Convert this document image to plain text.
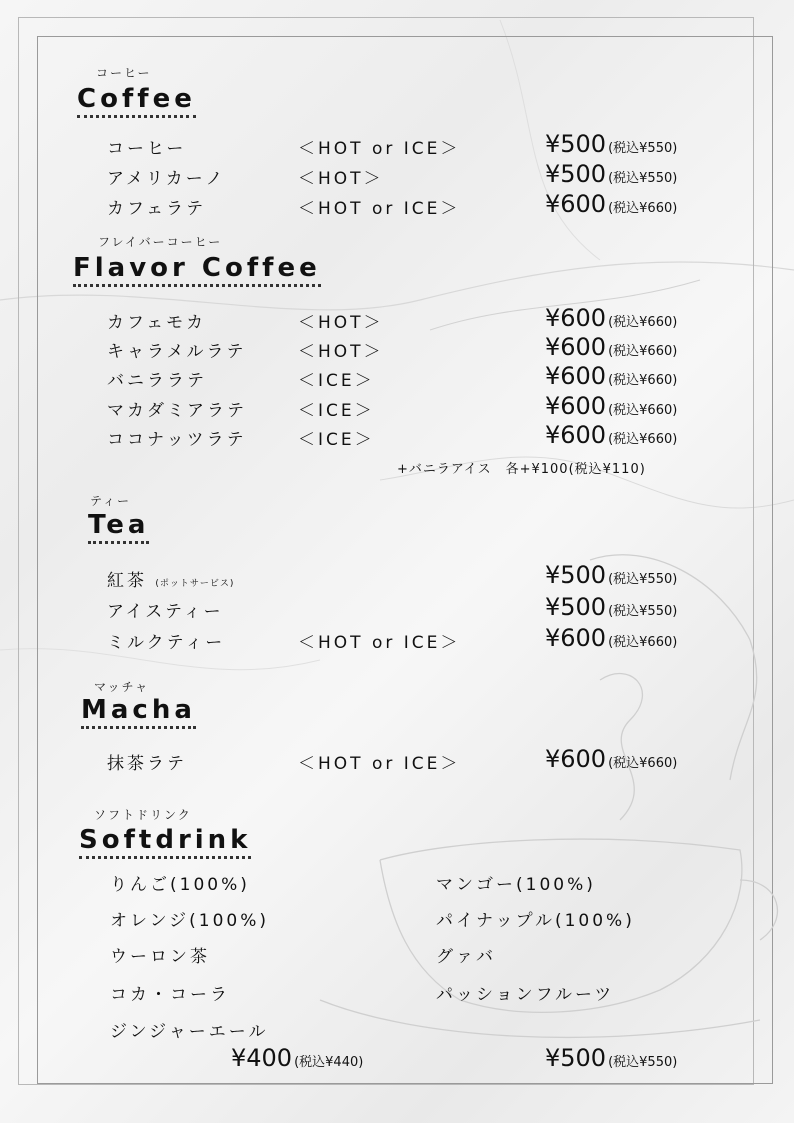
コーヒー
Coffee
コーヒー	＜HOT or ICE＞	¥500 (税込¥550)
アメリカーノ	＜HOT＞	¥500 (税込¥550)
カフェラテ	＜HOT or ICE＞	¥600 (税込¥660)
フレイバーコーヒー
Flavor Coffee
カフェモカ	＜HOT＞	¥600 (税込¥660)
キャラメルラテ	＜HOT＞	¥600 (税込¥660)
バニララテ	＜ICE＞	¥600 (税込¥660)
マカダミアラテ	＜ICE＞	¥600 (税込¥660)
ココナッツラテ	＜ICE＞	¥600 (税込¥660)
+バニラアイス　各+¥100(税込¥110)
ティー
Tea
紅茶 (ポットサービス)	¥500 (税込¥550)
アイスティー	¥500 (税込¥550)
ミルクティー	＜HOT or ICE＞	¥600 (税込¥660)
マッチャ
Macha
抹茶ラテ	＜HOT or ICE＞	¥600 (税込¥660)
ソフトドリンク
Softdrink
りんご(100%)
オレンジ(100%)
ウーロン茶
コカ・コーラ
ジンジャーエール
マンゴー(100%)
パイナップル(100%)
グァバ
パッションフルーツ
¥400 (税込¥440)	¥500 (税込¥550)
